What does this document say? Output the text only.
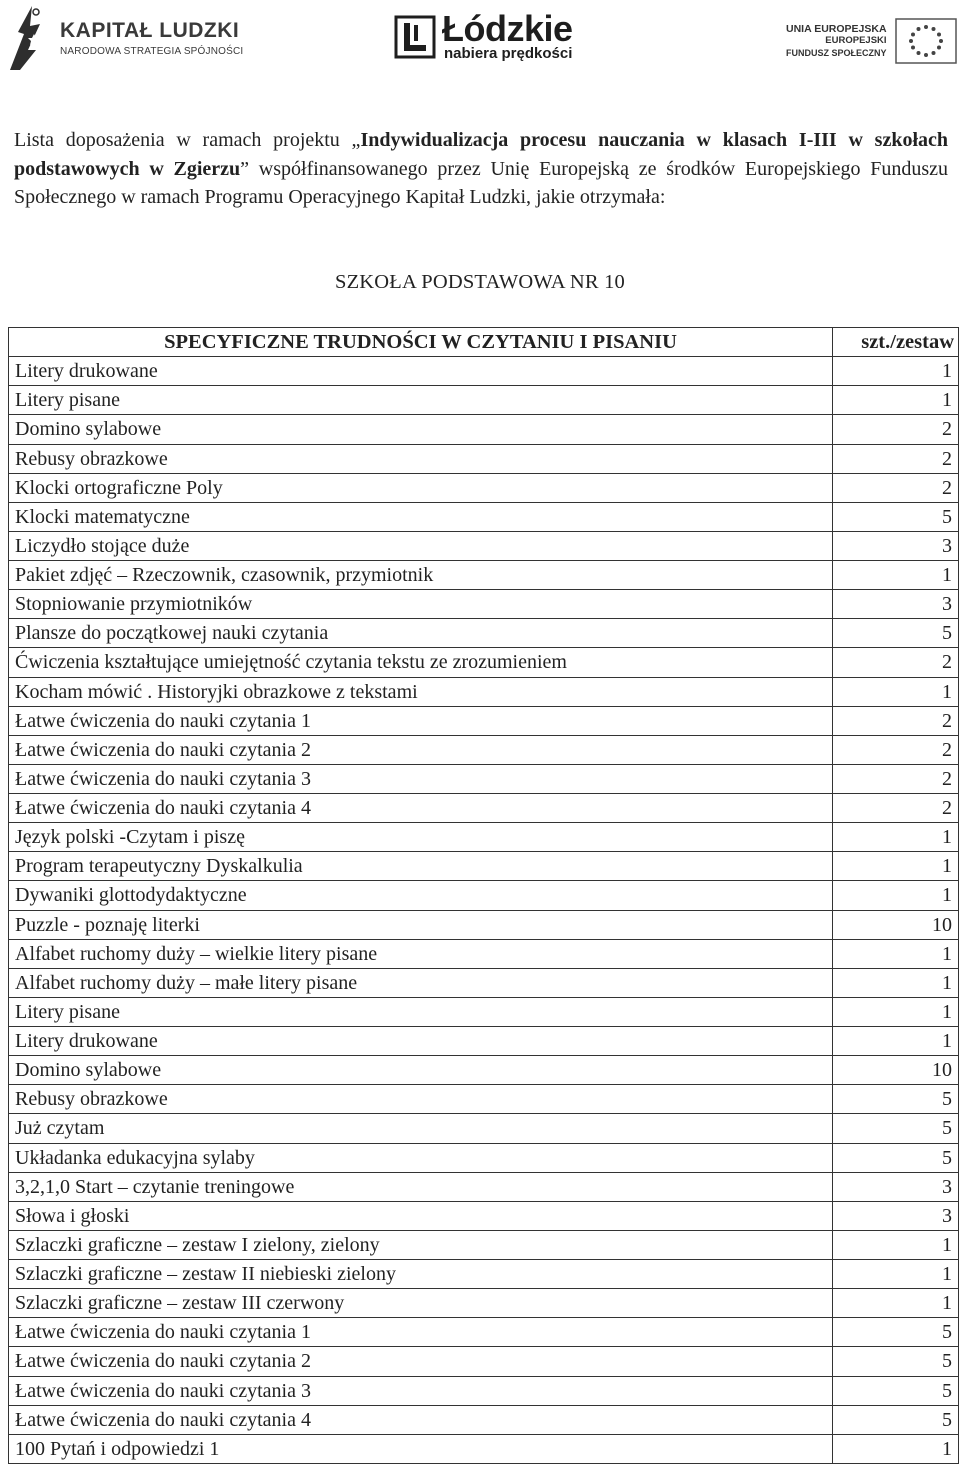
KAPITAŁ LUDZKI
NARODOWA STRATEGIA SPÓJNOŚCI
Łódzkie
nabiera prędkości
UNIA EUROPEJSKA
EUROPEJSKI
FUNDUSZ SPOŁECZNY
Lista doposażenia w ramach projektu „Indywidualizacja procesu nauczania w klasach I-III w szkołach podstawowych w Zgierzu” współfinansowanego przez Unię Europejską ze środków Europejskiego Funduszu Społecznego w ramach Programu Operacyjnego Kapitał Ludzki, jakie otrzymała:
SZKOŁA PODSTAWOWA NR 10
SPECYFICZNE TRUDNOŚCI W CZYTANIU I PISANIU	szt./zestaw
Litery drukowane	1
Litery pisane	1
Domino sylabowe	2
Rebusy obrazkowe	2
Klocki ortograficzne Poly	2
Klocki matematyczne	5
Liczydło stojące duże	3
Pakiet zdjęć – Rzeczownik, czasownik, przymiotnik	1
Stopniowanie przymiotników	3
Plansze do początkowej nauki czytania	5
Ćwiczenia kształtujące umiejętność czytania tekstu ze zrozumieniem	2
Kocham mówić . Historyjki obrazkowe z tekstami	1
Łatwe ćwiczenia do nauki czytania 1	2
Łatwe ćwiczenia do nauki czytania 2	2
Łatwe ćwiczenia do nauki czytania 3	2
Łatwe ćwiczenia do nauki czytania 4	2
Język polski -Czytam i piszę	1
Program terapeutyczny Dyskalkulia	1
Dywaniki glottodydaktyczne	1
Puzzle - poznaję literki	10
Alfabet ruchomy duży – wielkie litery pisane	1
Alfabet ruchomy duży – małe litery pisane	1
Litery pisane	1
Litery drukowane	1
Domino sylabowe	10
Rebusy obrazkowe	5
Już czytam	5
Układanka edukacyjna sylaby	5
3,2,1,0 Start – czytanie treningowe	3
Słowa i głoski	3
Szlaczki graficzne – zestaw I zielony, zielony	1
Szlaczki graficzne – zestaw II niebieski zielony	1
Szlaczki graficzne – zestaw III czerwony	1
Łatwe ćwiczenia do nauki czytania 1	5
Łatwe ćwiczenia do nauki czytania 2	5
Łatwe ćwiczenia do nauki czytania 3	5
Łatwe ćwiczenia do nauki czytania 4	5
100 Pytań i odpowiedzi 1	1
